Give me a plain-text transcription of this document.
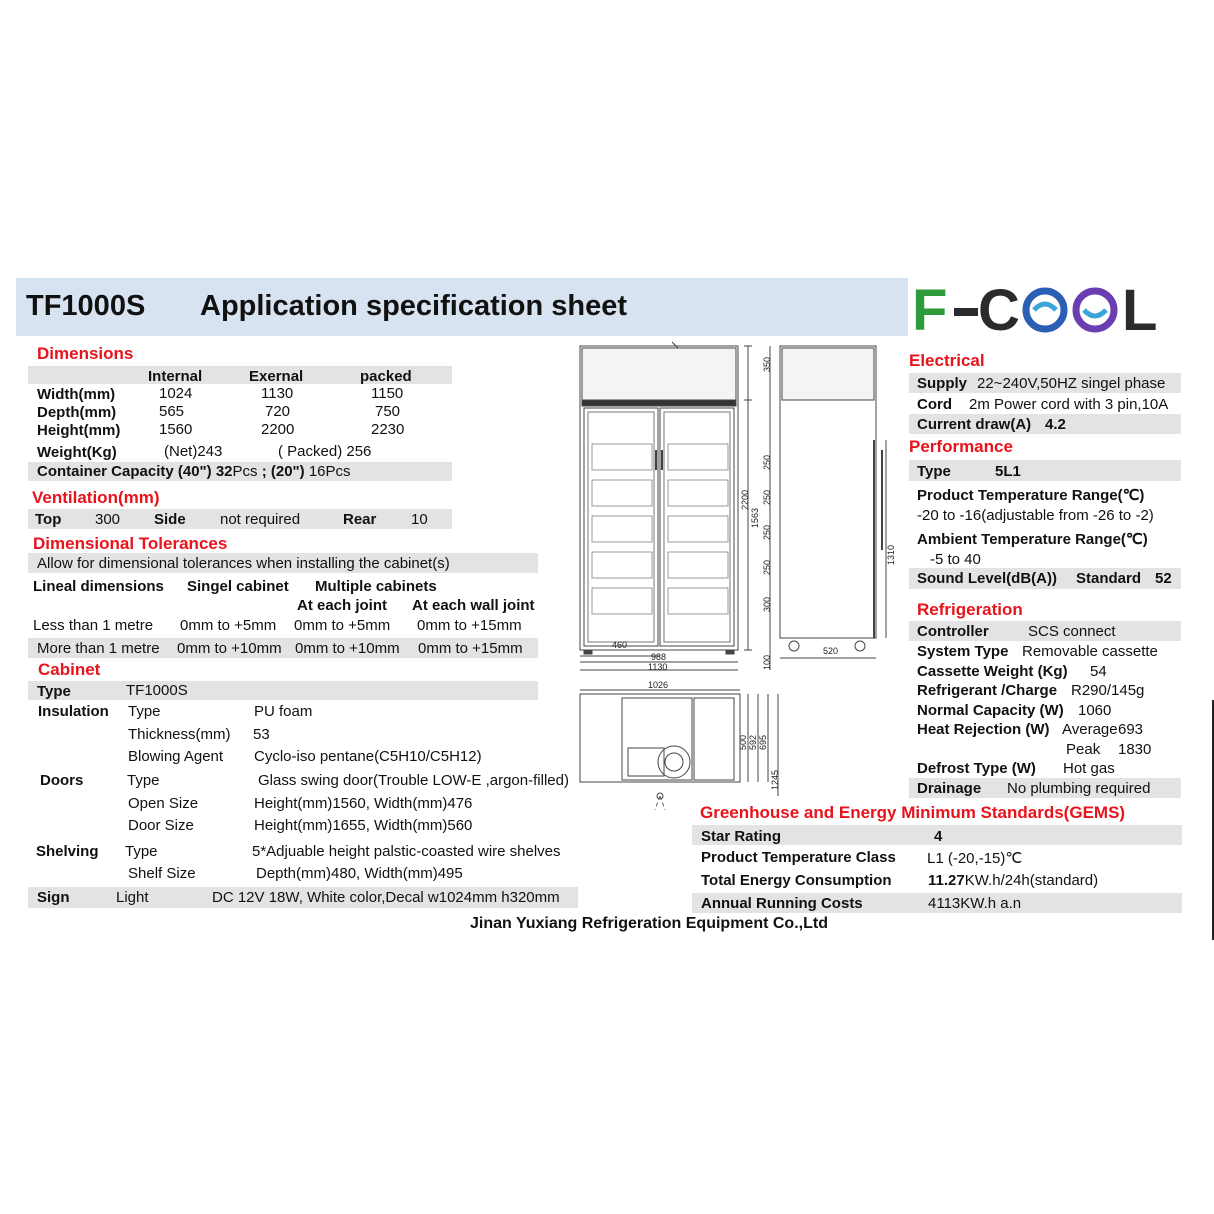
TF1000S Application specification sheet	F C L
Dimensions
Internal	Exernal	packed
Width(mm)	1024	1130	1150
Depth(mm)	565	720	750
Height(mm)	1560	2200	2230
Weight(Kg)	(Net)243	( Packed) 256
Container Capacity (40") 32Pcs ; (20") 16Pcs
Ventilation(mm)
Top 300 Side not required	Rear 10
Dimensional Tolerances
Allow for dimensional tolerances when installing the cabinet(s)
Lineal dimensions Singel cabinet Multiple cabinets
At each joint At each wall joint
Less than 1 metre 0mm to +5mm 0mm to +5mm 0mm to +15mm
More than 1 metre 0mm to +10mm 0mm to +10mm 0mm to +15mm
Cabinet
Type	TF1000S
Insulation Type	PU foam
Thickness(mm) 53
Blowing Agent Cyclo-iso pentane(C5H10/C5H12)
Doors	Type	Glass swing door(Trouble LOW-E ,argon-filled)
Open Size	Height(mm)1560, Width(mm)476
Door Size	Height(mm)1655, Width(mm)560
Shelving Type	5*Adjuable height palstic-coasted wire shelves
Shelf Size	Depth(mm)480, Width(mm)495
Sign	Light	DC 12V 18W, White color,Decal w1024mm h320mm
350
250
250
250
250
300
2200
1563
1310
100
460
988
1130
520
1026
500 592 695
1245
Electrical
Supply 22~240V,50HZ singel phase
Cord 2m Power cord with 3 pin,10A
Current draw(A) 4.2
Performance
Type	5L1
Product Temperature Range(℃)
-20 to -16(adjustable from -26 to -2)
Ambient Temperature Range(℃)
-5 to 40
Sound Level(dB(A)) Standard 52
Refrigeration
Controller	SCS connect
System Type Removable cassette
Cassette Weight (Kg) 54
Refrigerant /Charge R290/145g
Normal Capacity (W) 1060
Heat Rejection (W) Average 693
Peak 1830
Defrost Type (W) Hot gas
Drainage No plumbing required
Greenhouse and Energy Minimum Standards(GEMS)
Star Rating	4
Product Temperature Class L1 (-20,-15)℃
Total Energy Consumption 11.27KW.h/24h(standard)
Annual Running Costs	4113KW.h a.n
Jinan Yuxiang Refrigeration Equipment Co.,Ltd
